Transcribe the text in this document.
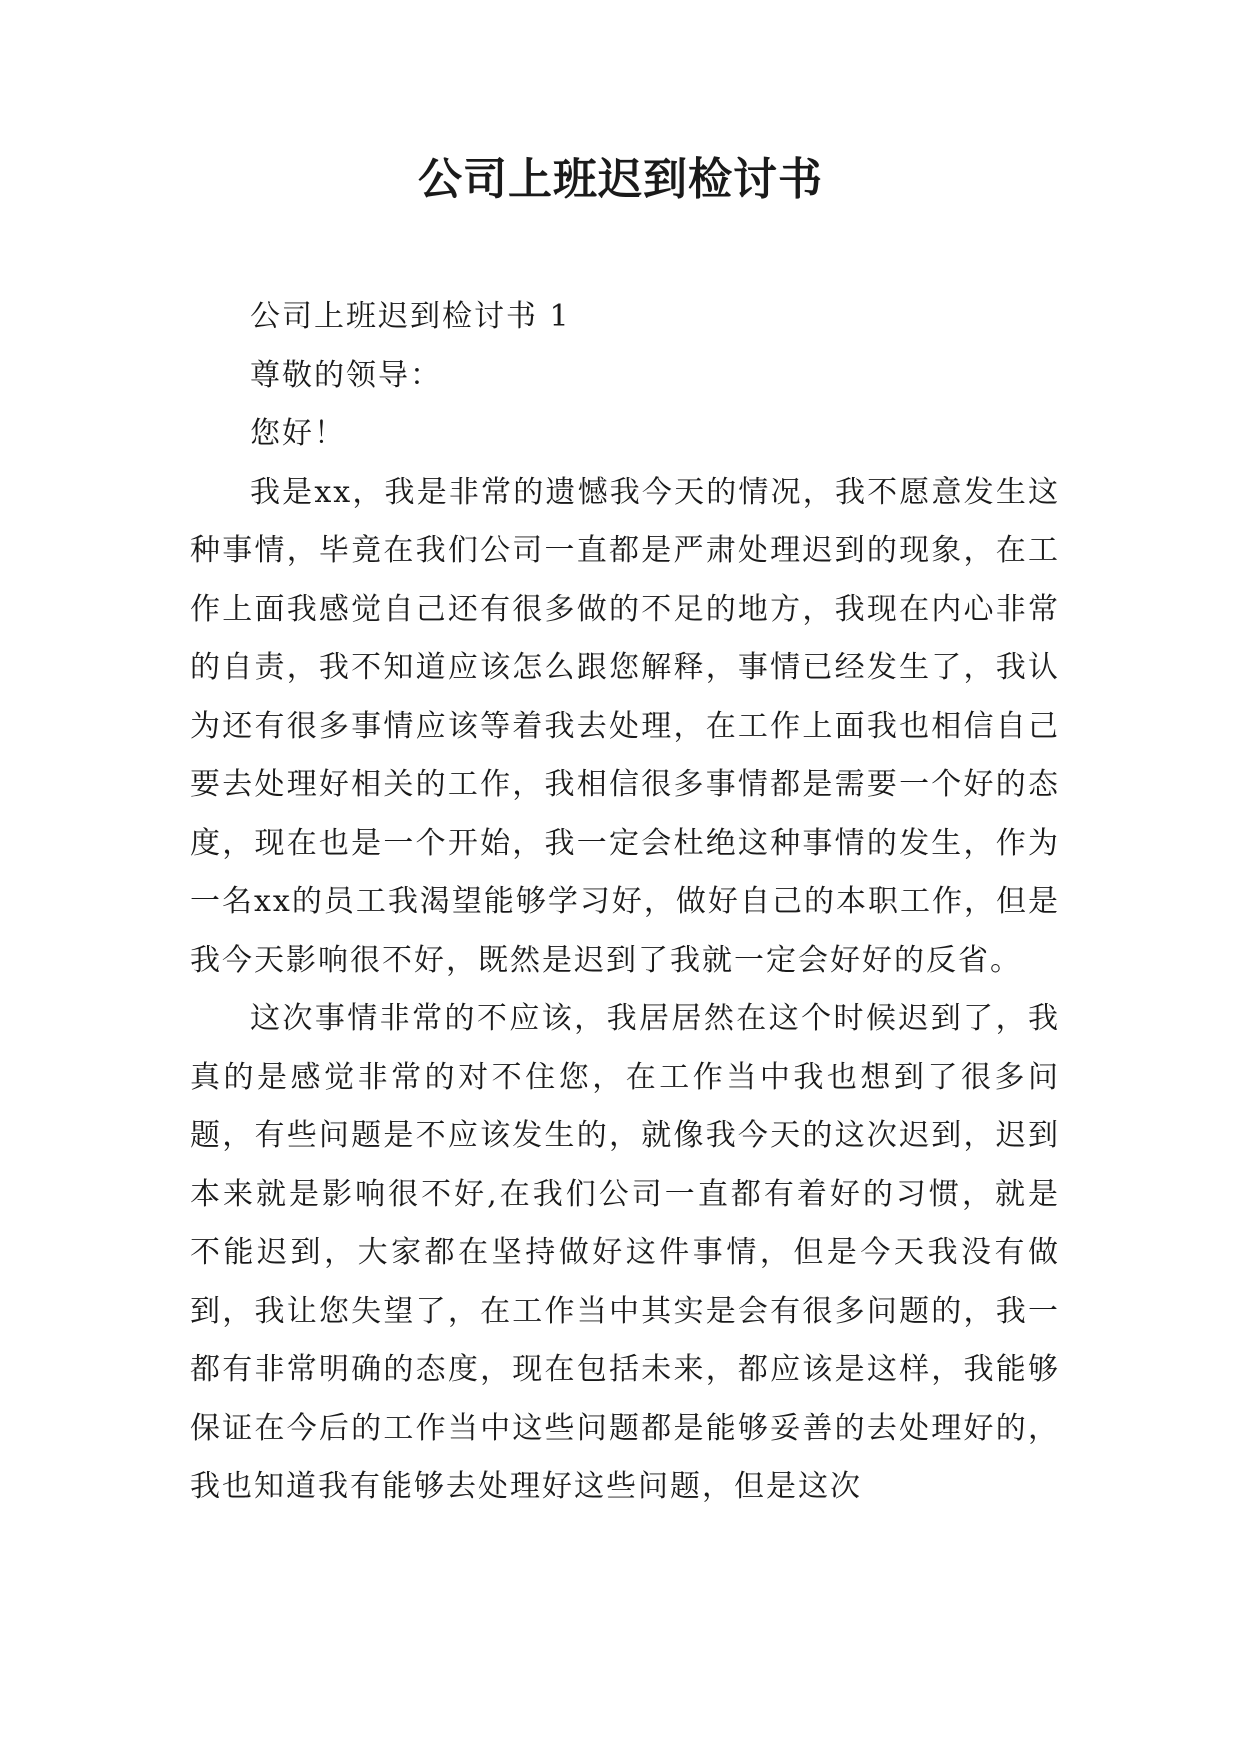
公司上班迟到检讨书

公司上班迟到检讨书 1

尊敬的领导：

您好！

我是xx，我是非常的遗憾我今天的情况，我不愿意发生这种事情，毕竟在我们公司一直都是严肃处理迟到的现象，在工作上面我感觉自己还有很多做的不足的地方，我现在内心非常的自责，我不知道应该怎么跟您解释，事情已经发生了，我认为还有很多事情应该等着我去处理，在工作上面我也相信自己要去处理好相关的工作，我相信很多事情都是需要一个好的态度，现在也是一个开始，我一定会杜绝这种事情的发生，作为一名xx的员工我渴望能够学习好，做好自己的本职工作，但是我今天影响很不好，既然是迟到了我就一定会好好的反省。

这次事情非常的不应该，我居居然在这个时候迟到了，我真的是感觉非常的对不住您，在工作当中我也想到了很多问题，有些问题是不应该发生的，就像我今天的这次迟到，迟到本来就是影响很不好,在我们公司一直都有着好的习惯，就是不能迟到，大家都在坚持做好这件事情，但是今天我没有做到，我让您失望了，在工作当中其实是会有很多问题的，我一都有非常明确的态度，现在包括未来，都应该是这样，我能够保证在今后的工作当中这些问题都是能够妥善的去处理好的，我也知道我有能够去处理好这些问题，但是这次
